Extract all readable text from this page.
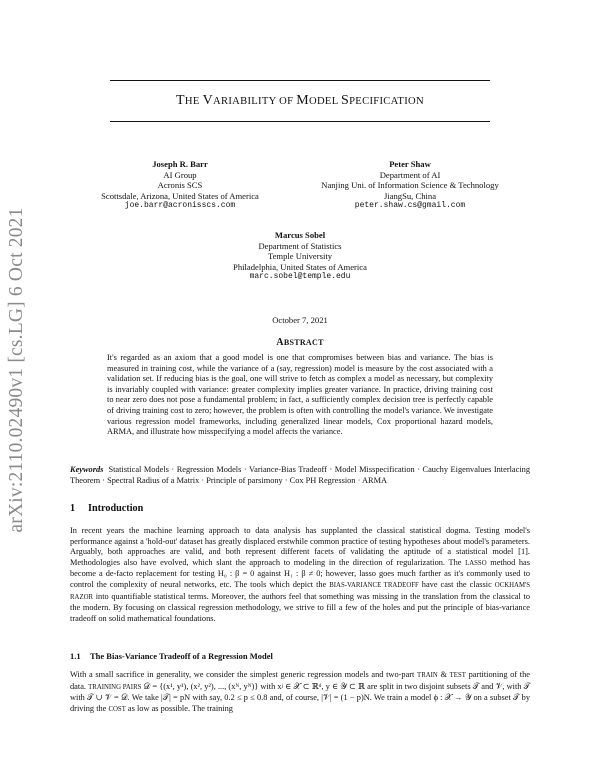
arXiv:2110.02490v1 [cs.LG] 6 Oct 2021
THE VARIABILITY OF MODEL SPECIFICATION
Joseph R. Barr
AI Group
Acronis SCS
Scottsdale, Arizona, United States of America
joe.barr@acronisscs.com
Peter Shaw
Department of AI
Nanjing Uni. of Information Science & Technology
JiangSu, China
peter.shaw.cs@gmail.com
Marcus Sobel
Department of Statistics
Temple University
Philadelphia, United States of America
marc.sobel@temple.edu
October 7, 2021
ABSTRACT
It's regarded as an axiom that a good model is one that compromises between bias and variance. The bias is measured in training cost, while the variance of a (say, regression) model is measure by the cost associated with a validation set. If reducing bias is the goal, one will strive to fetch as complex a model as necessary, but complexity is invariably coupled with variance: greater complexity implies greater variance. In practice, driving training cost to near zero does not pose a fundamental problem; in fact, a sufficiently complex decision tree is perfectly capable of driving training cost to zero; however, the problem is often with controlling the model's variance. We investigate various regression model frameworks, including generalized linear models, Cox proportional hazard models, ARMA, and illustrate how misspecifying a model affects the variance.
Keywords Statistical Models · Regression Models · Variance-Bias Tradeoff · Model Misspecification · Cauchy Eigenvalues Interlacing Theorem · Spectral Radius of a Matrix · Principle of parsimony · Cox PH Regression · ARMA
1 Introduction
In recent years the machine learning approach to data analysis has supplanted the classical statistical dogma. Testing model's performance against a 'hold-out' dataset has greatly displaced erstwhile common practice of testing hypotheses about model's parameters. Arguably, both approaches are valid, and both represent different facets of validating the aptitude of a statistical model [1]. Methodologies also have evolved, which slant the approach to modeling in the direction of regularization. The LASSO method has become a de-facto replacement for testing H₀ : β = 0 against H₁ : β ≠ 0; however, lasso goes much farther as it's commonly used to control the complexity of neural networks, etc. The tools which depict the BIAS-VARIANCE TRADEOFF have cast the classic OCKHAM'S RAZOR into quantifiable statistical terms. Moreover, the authors feel that something was missing in the translation from the classical to the modern. By focusing on classical regression methodology, we strive to fill a few of the holes and put the principle of bias-variance tradeoff on solid mathematical foundations.
1.1 The Bias-Variance Tradeoff of a Regression Model
With a small sacrifice in generality, we consider the simplest generic regression models and two-part TRAIN & TEST partitioning of the data. TRAINING PAIRS 𝒟 = {(x¹, y¹), (x², y²), ..., (xᴺ, yᴺ)} with xʲ ∈ 𝒳 ⊂ ℝᵈ, y ∈ 𝒴 ⊂ ℝ are split in two disjoint subsets 𝒯 and 𝒱, with 𝒯 with 𝒯 ∪ 𝒱 = 𝒟. We take |𝒯| = pN with say, 0.2 ≤ p ≤ 0.8 and, of course, |𝒱| = (1 − p)N. We train a model ϕ : 𝒳 → 𝒴 on a subset 𝒯 by driving the COST as low as possible. The training
